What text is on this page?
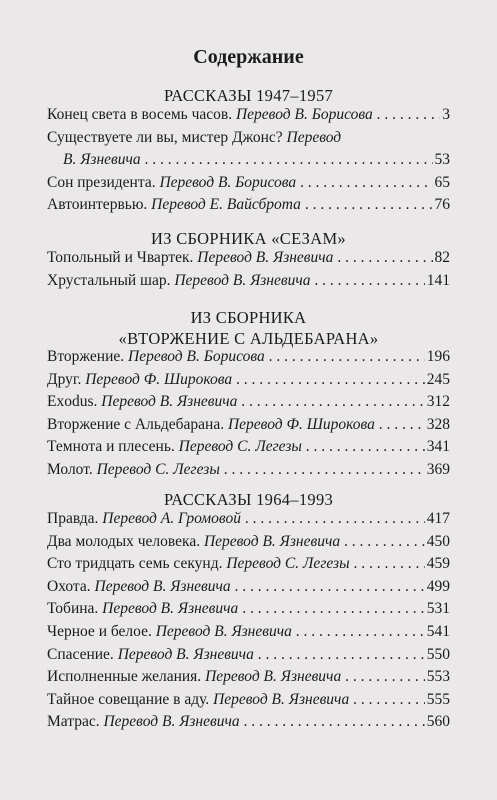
Содержание
РАССКАЗЫ 1947–1957
Конец света в восемь часов. Перевод В. Борисова . . .	3
Существуете ли вы, мистер Джонс? Перевод
В. Язневича . . .	53
Сон президента. Перевод В. Борисова . . .	65
Автоинтервью. Перевод Е. Вайсброта . . .	76
ИЗ СБОРНИКА «СЕЗАМ»
Топольный и Чвартек. Перевод В. Язневича . . .	82
Хрустальный шар. Перевод В. Язневича . . .	141
ИЗ СБОРНИКА
«ВТОРЖЕНИЕ С АЛЬДЕБАРАНА»
Вторжение. Перевод В. Борисова . . .	196
Друг. Перевод Ф. Широкова . . .	245
Exodus. Перевод В. Язневича . . .	312
Вторжение с Альдебарана. Перевод Ф. Широкова . . .	328
Темнота и плесень. Перевод С. Легезы . . .	341
Молот. Перевод С. Легезы . . .	369
РАССКАЗЫ 1964–1993
Правда. Перевод А. Громовой . . .	417
Два молодых человека. Перевод В. Язневича . . .	450
Сто тридцать семь секунд. Перевод С. Легезы . . .	459
Охота. Перевод В. Язневича . . .	499
Тобина. Перевод В. Язневича . . .	531
Черное и белое. Перевод В. Язневича . . .	541
Спасение. Перевод В. Язневича . . .	550
Исполненные желания. Перевод В. Язневича . . .	553
Тайное совещание в аду. Перевод В. Язневича . . .	555
Матрас. Перевод В. Язневича . . .	560
